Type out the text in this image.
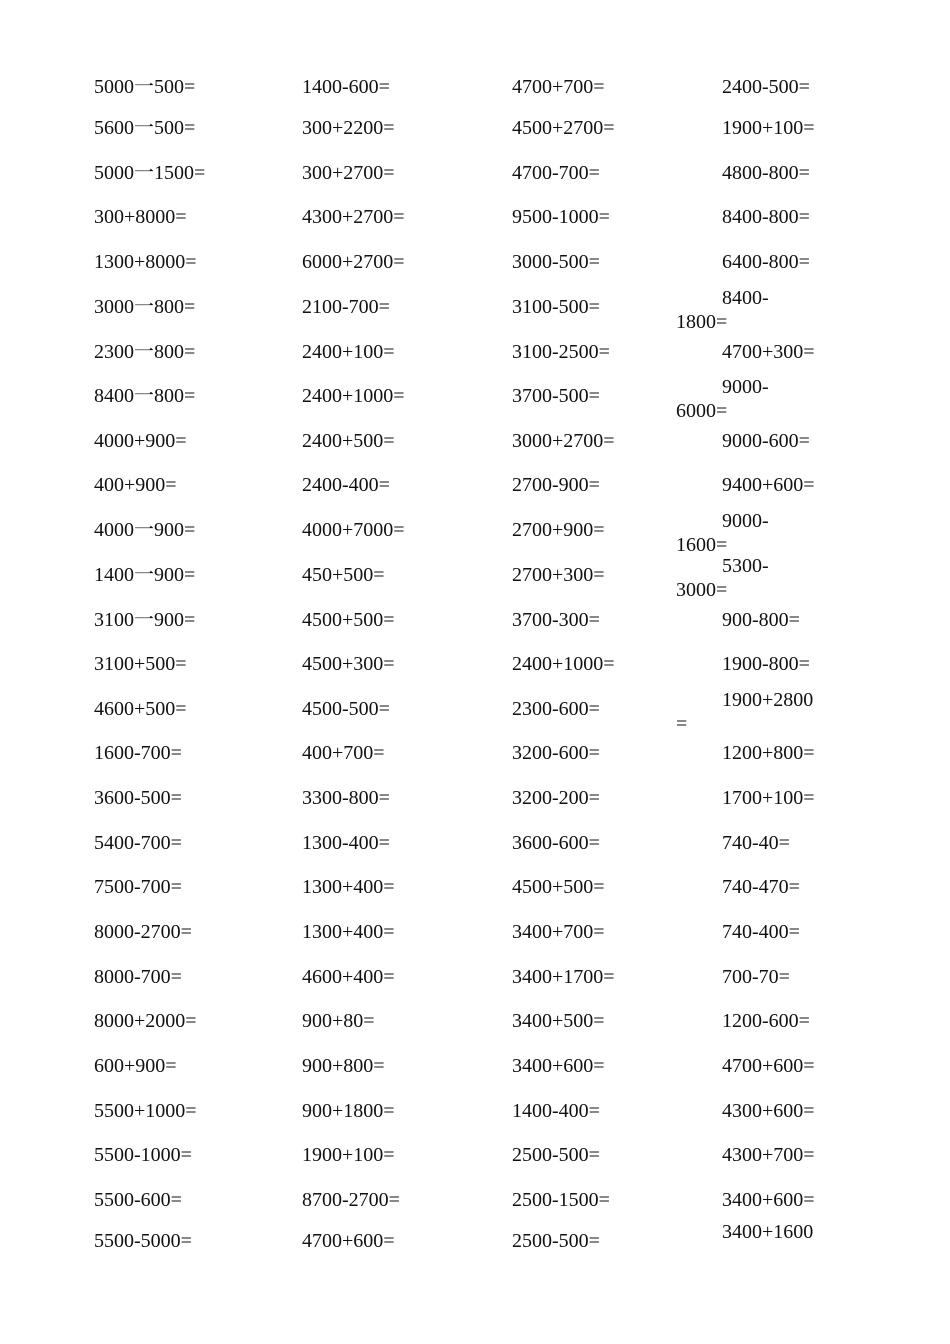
5000一500=	1400-600=	4700+700=	2400-500=
5600一500=	300+2200=	4500+2700=	1900+100=
5000一1500=	300+2700=	4700-700=	4800-800=
300+8000=	4300+2700=	9500-1000=	8400-800=
1300+8000=	6000+2700=	3000-500=	6400-800=
3000一800=	2100-700=	3100-500=	8400-
1800=
2300一800=	2400+100=	3100-2500=	4700+300=
8400一800=	2400+1000=	3700-500=	9000-
6000=
4000+900=	2400+500=	3000+2700=	9000-600=
400+900=	2400-400=	2700-900=	9400+600=
4000一900=	4000+7000=	2700+900=	9000-
1600=
1400一900=	450+500=	2700+300=	5300-
3000=
3100一900=	4500+500=	3700-300=	900-800=
3100+500=	4500+300=	2400+1000=	1900-800=
4600+500=	4500-500=	2300-600=	1900+2800
=
1600-700=	400+700=	3200-600=	1200+800=
3600-500=	3300-800=	3200-200=	1700+100=
5400-700=	1300-400=	3600-600=	740-40=
7500-700=	1300+400=	4500+500=	740-470=
8000-2700=	1300+400=	3400+700=	740-400=
8000-700=	4600+400=	3400+1700=	700-70=
8000+2000=	900+80=	3400+500=	1200-600=
600+900=	900+800=	3400+600=	4700+600=
5500+1000=	900+1800=	1400-400=	4300+600=
5500-1000=	1900+100=	2500-500=	4300+700=
5500-600=	8700-2700=	2500-1500=	3400+600=
5500-5000=	4700+600=	2500-500=	3400+1600
